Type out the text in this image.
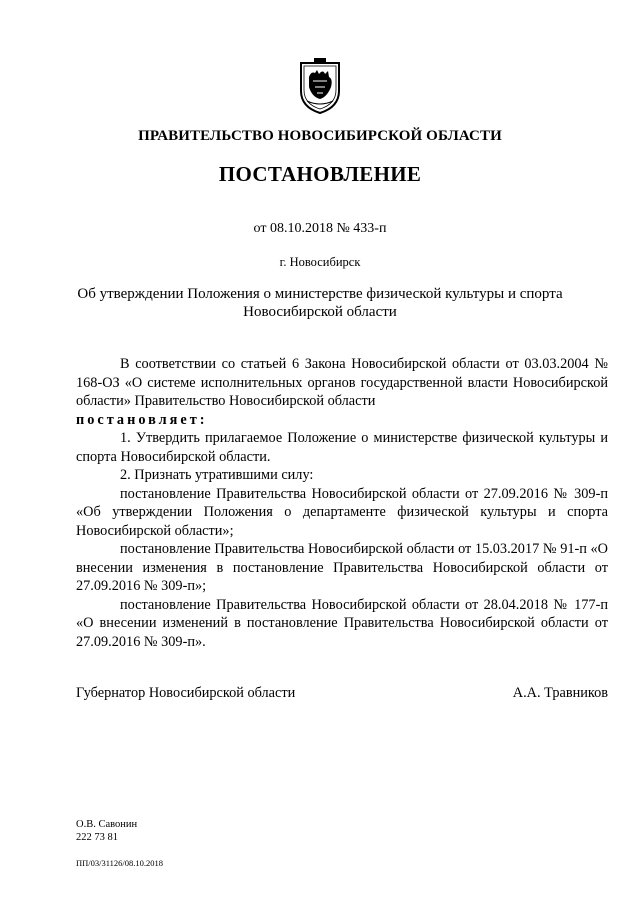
ПРАВИТЕЛЬСТВО НОВОСИБИРСКОЙ ОБЛАСТИ
ПОСТАНОВЛЕНИЕ
от 08.10.2018 № 433-п
г. Новосибирск
Об утверждении Положения о министерстве физической культуры и спорта
Новосибирской области

В соответствии со статьей 6 Закона Новосибирской области от 03.03.2004 № 168-ОЗ «О системе исполнительных органов государственной власти Новосибирской области» Правительство Новосибирской области

постановляет:

1. Утвердить прилагаемое Положение о министерстве физической культуры и спорта Новосибирской области.

2. Признать утратившими силу:

постановление Правительства Новосибирской области от 27.09.2016 № 309-п «Об утверждении Положения о департаменте физической культуры и спорта Новосибирской области»;

постановление Правительства Новосибирской области от 15.03.2017 № 91-п «О внесении изменения в постановление Правительства Новосибирской области от 27.09.2016 № 309-п»;

постановление Правительства Новосибирской области от 28.04.2018 № 177-п «О внесении изменений в постановление Правительства Новосибирской области от 27.09.2016 № 309-п».

Губернатор Новосибирской области	А.А. Травников
О.В. Савонин
222 73 81
ПП/03/31126/08.10.2018
